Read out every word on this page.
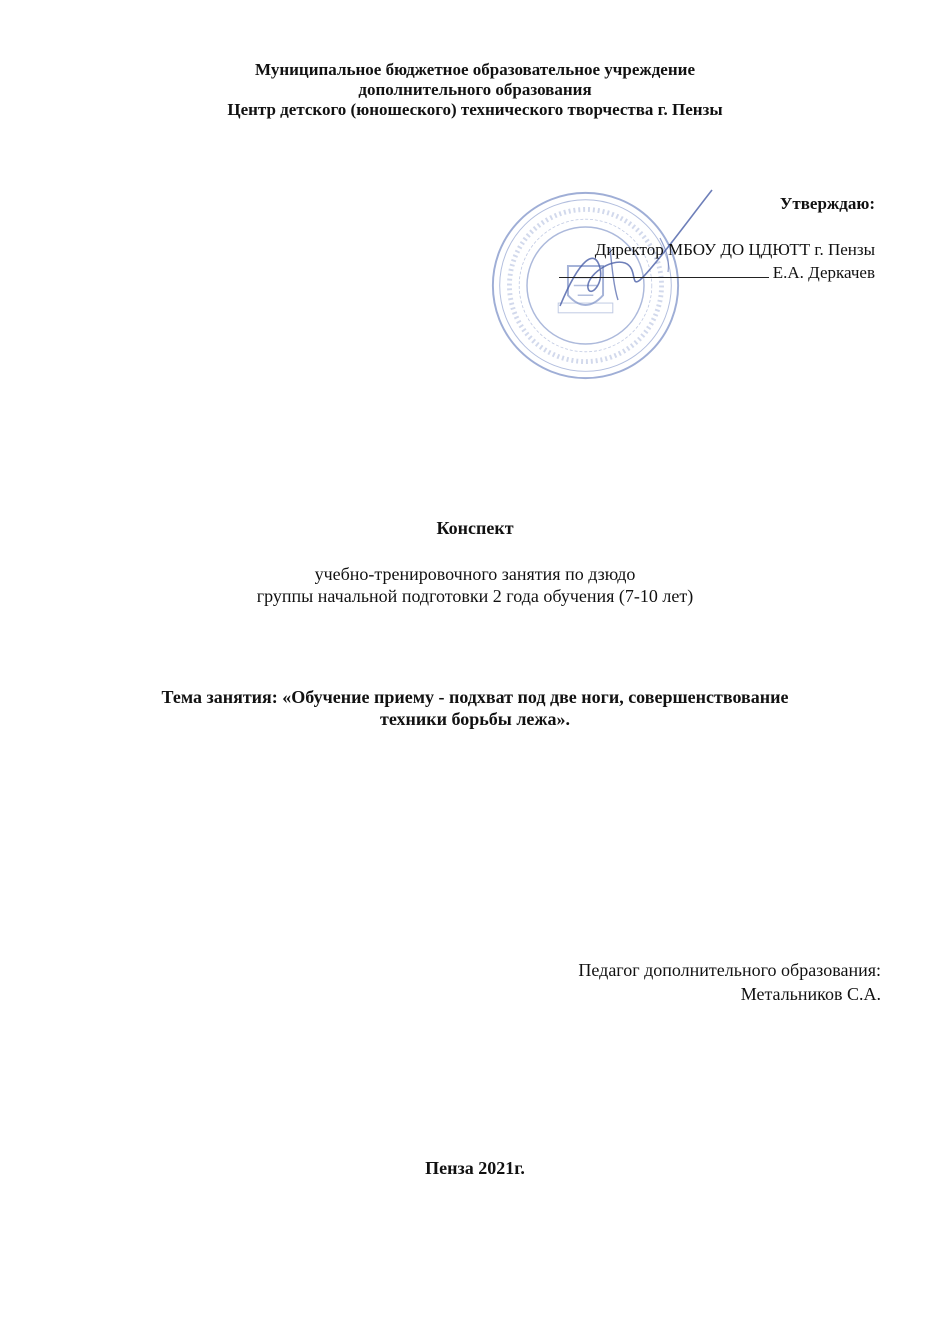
Муниципальное бюджетное образовательное учреждение
дополнительного образования
Центр детского (юношеского) технического творчества г. Пензы
Утверждаю:
Директор МБОУ ДО ЦДЮТТ г. Пензы
Е.А. Деркачев
Конспект
учебно-тренировочного занятия по дзюдо
группы начальной подготовки 2 года обучения (7-10 лет)
Тема занятия: «Обучение приему - подхват под две ноги, совершенствование
техники борьбы лежа».
Педагог дополнительного образования:
Метальников С.А.
Пенза 2021г.
